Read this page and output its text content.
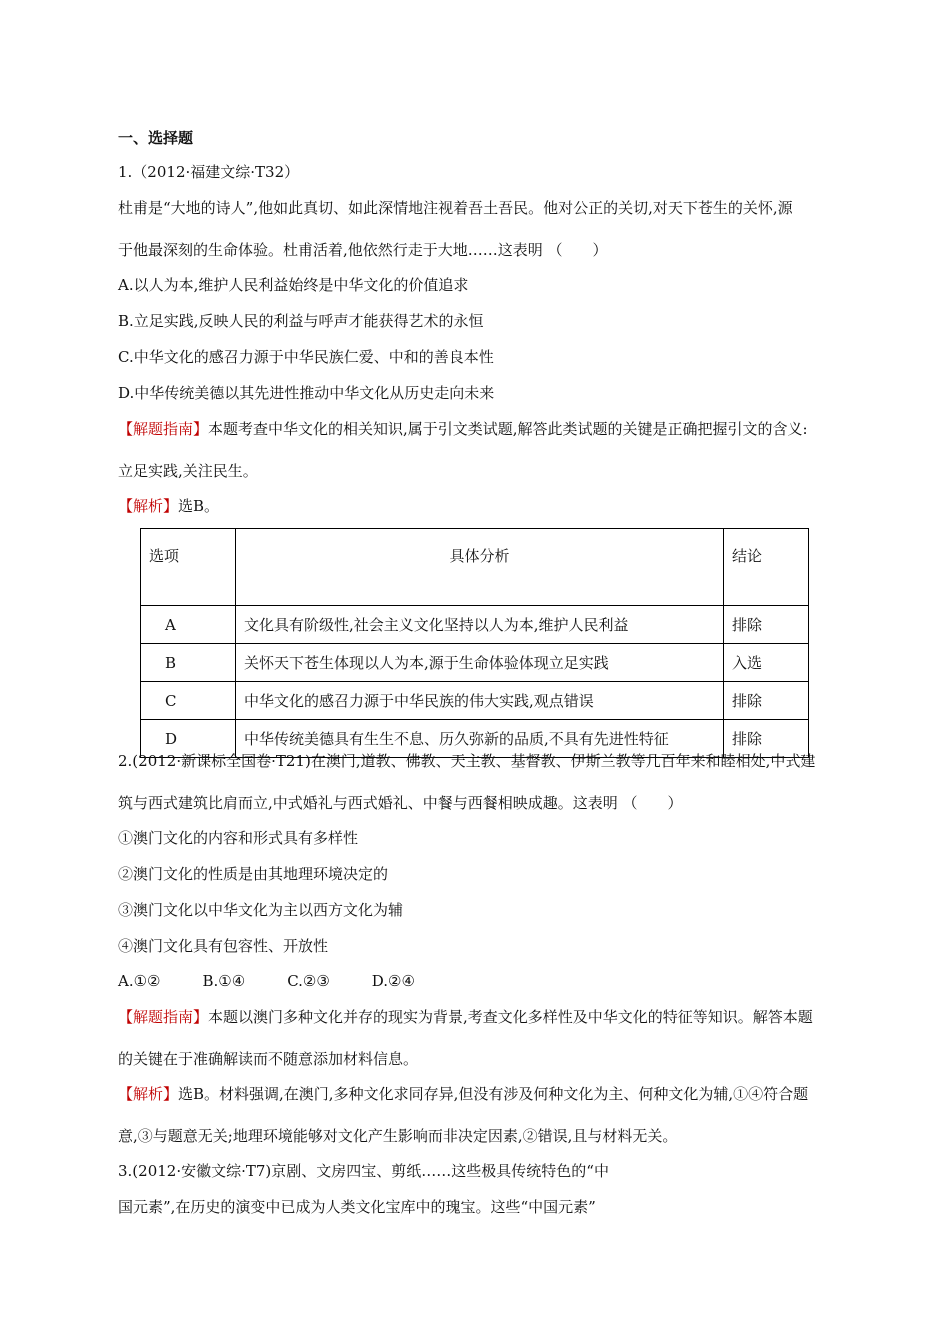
一、选择题
1.（2012·福建文综·T32）
杜甫是“大地的诗人”,他如此真切、如此深情地注视着吾土吾民。他对公正的关切,对天下苍生的关怀,源
于他最深刻的生命体验。杜甫活着,他依然行走于大地……这表明 （　　）
A.以人为本,维护人民利益始终是中华文化的价值追求
B.立足实践,反映人民的利益与呼声才能获得艺术的永恒
C.中华文化的感召力源于中华民族仁爱、中和的善良本性
D.中华传统美德以其先进性推动中华文化从历史走向未来
【解题指南】本题考查中华文化的相关知识,属于引文类试题,解答此类试题的关键是正确把握引文的含义:
立足实践,关注民生。
【解析】选B。
选项	具体分析	结论
A	文化具有阶级性,社会主义文化坚持以人为本,维护人民利益	排除
B	关怀天下苍生体现以人为本,源于生命体验体现立足实践	入选
C	中华文化的感召力源于中华民族的伟大实践,观点错误	排除
D	中华传统美德具有生生不息、历久弥新的品质,不具有先进性特征	排除
2.(2012·新课标全国卷·T21)在澳门,道教、佛教、天主教、基督教、伊斯兰教等几百年来和睦相处,中式建
筑与西式建筑比肩而立,中式婚礼与西式婚礼、中餐与西餐相映成趣。这表明 （　　）
①澳门文化的内容和形式具有多样性
②澳门文化的性质是由其地理环境决定的
③澳门文化以中华文化为主以西方文化为辅
④澳门文化具有包容性、开放性
A.①②	B.①④	C.②③	D.②④
【解题指南】本题以澳门多种文化并存的现实为背景,考查文化多样性及中华文化的特征等知识。解答本题
的关键在于准确解读而不随意添加材料信息。
【解析】选B。材料强调,在澳门,多种文化求同存异,但没有涉及何种文化为主、何种文化为辅,①④符合题
意,③与题意无关;地理环境能够对文化产生影响而非决定因素,②错误,且与材料无关。
3.(2012·安徽文综·T7)京剧、文房四宝、剪纸……这些极具传统特色的“中
国元素”,在历史的演变中已成为人类文化宝库中的瑰宝。这些“中国元素”
